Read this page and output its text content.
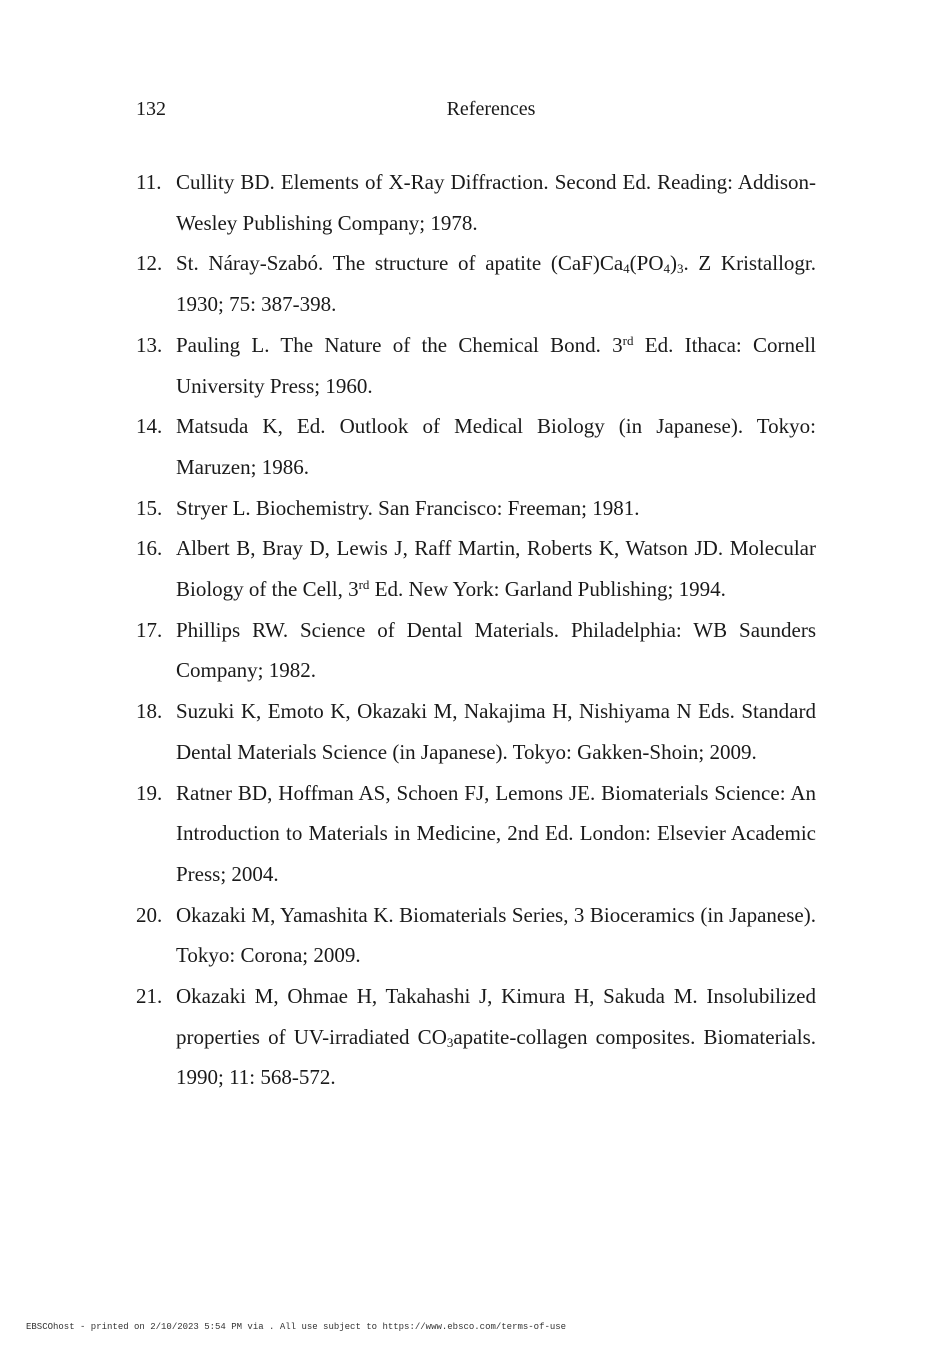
132	References
11. Cullity BD. Elements of X-Ray Diffraction. Second Ed. Reading: Addison-Wesley Publishing Company; 1978.
12. St. Náray-Szabó. The structure of apatite $(CaF)Ca_4(PO_4)_3$. Z Kristallogr. 1930; 75: 387-398.
13. Pauling L. The Nature of the Chemical Bond. 3rd Ed. Ithaca: Cornell University Press; 1960.
14. Matsuda K, Ed. Outlook of Medical Biology (in Japanese). Tokyo: Maruzen; 1986.
15. Stryer L. Biochemistry. San Francisco: Freeman; 1981.
16. Albert B, Bray D, Lewis J, Raff Martin, Roberts K, Watson JD. Molecular Biology of the Cell, 3rd Ed. New York: Garland Publishing; 1994.
17. Phillips RW. Science of Dental Materials. Philadelphia: WB Saunders Company; 1982.
18. Suzuki K, Emoto K, Okazaki M, Nakajima H, Nishiyama N Eds. Standard Dental Materials Science (in Japanese). Tokyo: Gakken-Shoin; 2009.
19. Ratner BD, Hoffman AS, Schoen FJ, Lemons JE. Biomaterials Science: An Introduction to Materials in Medicine, 2nd Ed. London: Elsevier Academic Press; 2004.
20. Okazaki M, Yamashita K. Biomaterials Series, 3 Bioceramics (in Japanese). Tokyo: Corona; 2009.
21. Okazaki M, Ohmae H, Takahashi J, Kimura H, Sakuda M. Insolubilized properties of UV-irradiated $CO_3apatite$-collagen composites. Biomaterials. 1990; 11: 568-572.
EBSCOhost - printed on 2/10/2023 5:54 PM via . All use subject to https://www.ebsco.com/terms-of-use
